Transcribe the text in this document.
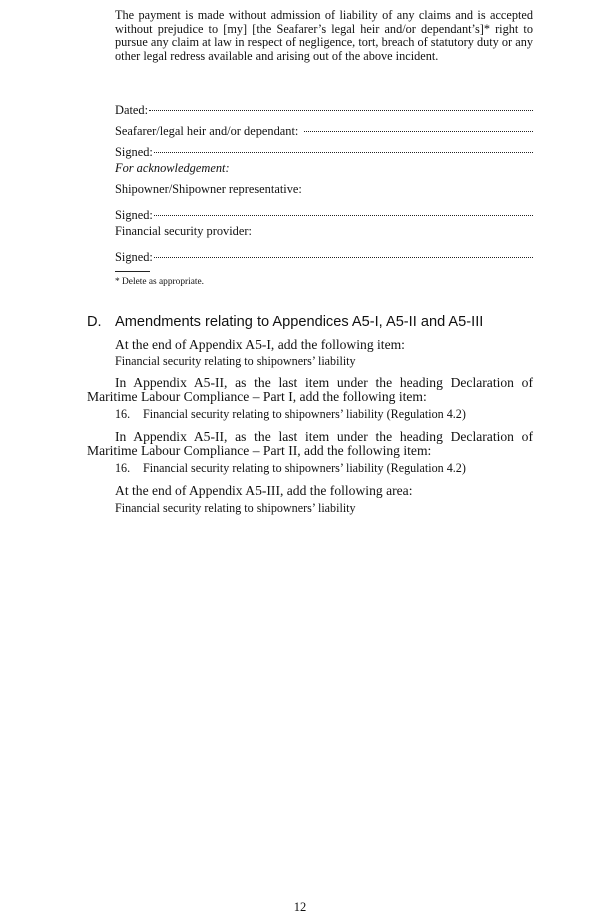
The payment is made without admission of liability of any claims and is accepted without prejudice to [my] [the Seafarer’s legal heir and/or dependant’s]* right to pursue any claim at law in respect of negligence, tort, breach of statutory duty or any other legal redress available and arising out of the above incident.
Dated:
Seafarer/legal heir and/or dependant:
Signed:
For acknowledgement:
Shipowner/Shipowner representative:
Signed:
Financial security provider:
Signed:
* Delete as appropriate.
D. Amendments relating to Appendices A5-I, A5-II and A5-III
At the end of Appendix A5-I, add the following item:
Financial security relating to shipowners’ liability
In Appendix A5-II, as the last item under the heading Declaration of Maritime Labour Compliance – Part I, add the following item:
16. Financial security relating to shipowners’ liability (Regulation 4.2)
In Appendix A5-II, as the last item under the heading Declaration of Maritime Labour Compliance – Part II, add the following item:
16. Financial security relating to shipowners’ liability (Regulation 4.2)
At the end of Appendix A5-III, add the following area:
Financial security relating to shipowners’ liability
12
